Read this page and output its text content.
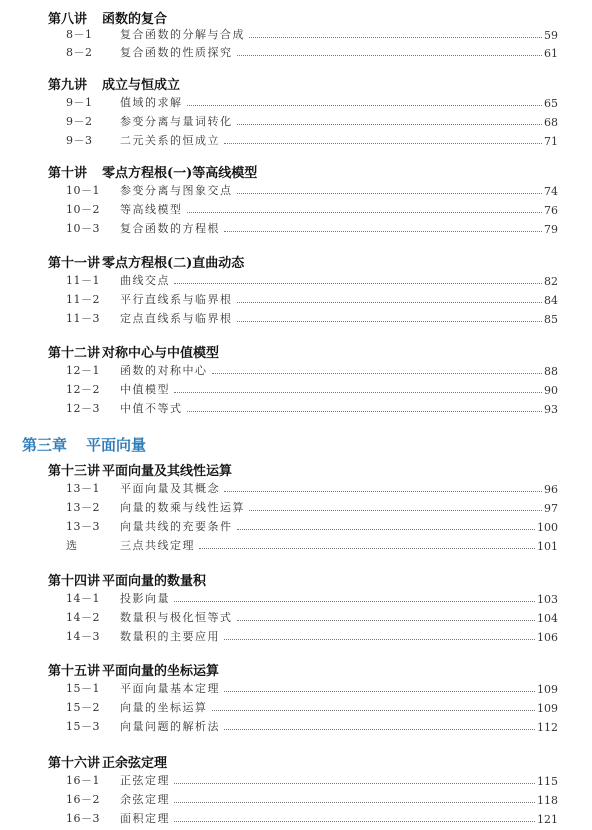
第八讲 函数的复合
8－1	复合函数的分解与合成	59
8－2	复合函数的性质探究	61
第九讲 成立与恒成立
9－1	值域的求解	65
9－2	参变分离与量词转化	68
9－3	二元关系的恒成立	71
第十讲 零点方程根(一)等高线模型
10－1	参变分离与图象交点	74
10－2	等高线模型	76
10－3	复合函数的方程根	79
第十一讲 零点方程根(二)直曲动态
11－1	曲线交点	82
11－2	平行直线系与临界根	84
11－3	定点直线系与临界根	85
第十二讲 对称中心与中值模型
12－1	函数的对称中心	88
12－2	中值模型	90
12－3	中值不等式	93
第三章 平面向量
第十三讲 平面向量及其线性运算
13－1	平面向量及其概念	96
13－2	向量的数乘与线性运算	97
13－3	向量共线的充要条件	100
选	三点共线定理	101
第十四讲 平面向量的数量积
14－1	投影向量	103
14－2	数量积与极化恒等式	104
14－3	数量积的主要应用	106
第十五讲 平面向量的坐标运算
15－1	平面向量基本定理	109
15－2	向量的坐标运算	109
15－3	向量问题的解析法	112
第十六讲 正余弦定理
16－1	正弦定理	115
16－2	余弦定理	118
16－3	面积定理	121
